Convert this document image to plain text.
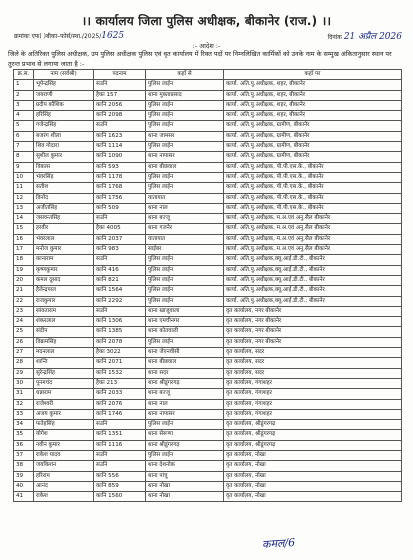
।। कार्यालय जिला पुलिस अधीक्षक, बीकानेर (राज.) ।।
क्रमांकः एफ( )बीका–फोर्स/स्था./2025/1625	दिनांक 21 अप्रैल 2026
:- आदेश :-
जिले के अतिरिक्त पुलिस अधीक्षक, उप पुलिस अधीक्षक पुलिस एवं वृत कार्यालय में रिक्त पदों पर निम्नलिखित कार्मिकों को उनके नाम के सम्मुख अंकितानुसार स्थान पर तुरन्त प्रभाव से लगाया जाता है :-
क्र.स.	नाम (सर्वश्री)	पदनाम	कहाँ से	कहाँ पर
1	भूपेन्द्रसिंह	सउनि	पुलिस लाईन	कार्या. अति.पु.अधीक्षक, शहर, बीकानेर
2	जयराणी	हैका 157	थाना मुक्ताप्रसाद	कार्या. अति.पु.अधीक्षक, शहर, बीकानेर
3	प्रदीप कौशिक	कानि 2056	पुलिस लाईन	कार्या. अति.पु.अधीक्षक, शहर, बीकानेर
4	हरिसिंह	कानि 2098	पुलिस लाईन	कार्या. अति.पु.अधीक्षक, शहर, बीकानेर
5	गजेन्द्रसिंह	सउनि	पुलिस लाईन	कार्या. अति.पु.अधीक्षक, ग्रामीण, बीकानेर
6	बजरंग शीला	कानि 1623	थाना जामसर	कार्या. अति.पु.अधीक्षक, ग्रामीण, बीकानेर
7	शिव गोदारा	कानि 1114	पुलिस लाईन	कार्या. अति.पु.अधीक्षक, ग्रामीण, बीकानेर
8	सुशील कुमार	कानि 1090	थाना नापासर	कार्या. अति.पु.अधीक्षक, ग्रामीण, बीकानेर
9	विकास	कानि 593	थाना बीछवाल	कार्या. अति.पु.अधीक्षक, पी.पी.एस.के., बीकानेर
10	भंवरसिंह	कानि 1178	पुलिस लाईन	कार्या. अति.पु.अधीक्षक, पी.पी.एस.के., बीकानेर
11	सतीश	कानि 1768	पुलिस लाईन	कार्या. अति.पु.अधीक्षक, पी.पी.एस.के., बीकानेर
12	विनोद	कानि 1756	यातायात	कार्या. अति.पु.अधीक्षक, पी.पी.एस.के., बीकानेर
13	अजीतसिंह	कानि 509	थाना नाल	कार्या. अति.पु.अधीक्षक, पी.पी.एस.के., बीकानेर
14	जसवन्तसिंह	सउनि	थाना बज्जू	कार्या. अति.पु.अधीक्षक, म.अ.एवं अनु.सैल बीकानेर
15	हरवीर	हैका 4005	थाना गजनेर	कार्या. अति.पु.अधीक्षक, म.अ.एवं अनु.सैल बीकानेर
16	भंवरलाल	कानि 2037	यातायात	कार्या. अति.पु.अधीक्षक, म.अ.एवं अनु.सैल बीकानेर
17	मनोज कुमार	कानि 983	साईबर	कार्या. अति.पु.अधीक्षक, म.अ.एवं अनु.सैल बीकानेर
18	कानाराम	सउनि	पुलिस लाईन	कार्या. अति.पु.अधीक्षक,क्यू.आई.डी.टी., बीकानेर
19	कृष्णकुमार	कानि 416	पुलिस लाईन	कार्या. अति.पु.अधीक्षक,क्यू.आई.डी.टी., बीकानेर
20	कमल दूसाद	कानि 821	पुलिस लाईन	कार्या. अति.पु.अधीक्षक,क्यू.आई.डी.टी., बीकानेर
21	हैलेन्द्रपाल	कानि 1564	पुलिस लाईन	कार्या. अति.पु.अधीक्षक,क्यू.आई.डी.टी., बीकानेर
22	राजकुमार	कानि 2292	पुलिस लाईन	कार्या. अति.पु.अधीक्षक,क्यू.आई.डी.टी., बीकानेर
23	सांवताराम	सउनि	थाना खाजूवाला	वृत कार्यालय, नगर बीकानेर
24	शंकरलाल	कानि 1306	थाना एमचीनगर	वृत कार्यालय, नगर बीकानेर
25	संदीप	कानि 1385	थाना कोतवाली	वृत कार्यालय, नगर बीकानेर
26	विक्रमसिंह	कानि 2078	पुलिस लाईन	वृत कार्यालय, नगर बीकानेर
27	मदनलाल	हैका 3022	थाना जेएनवीसी	वृत कार्यालय, सदर
28	शान्ति	कानि 2071	थाना बीछवाल	वृत कार्यालय, सदर
29	सुरेन्द्रसिंह	कानि 1532	थाना सदर	वृत कार्यालय, सदर
30	पूनमचंद	हैका 213	थाना श्रीडूंगरगढ़	वृत कार्यालय, गंगाशहर
31	धन्नाराम	कानि 2033	थाना बज्जू	वृत कार्यालय, गंगाशहर
32	राजेश्वरी	कानि 2076	थाना नाल	वृत कार्यालय, गंगाशहर
33	अजय कुमार	कानि 1746	थाना नापासर	वृत कार्यालय, गंगाशहर
34	फतेहसिंह	सउनि	पुलिस लाईन	वृत कार्यालय, श्रीडूंगरगढ़
35	योगेश	कानि 1351	थाना सेरूणा	वृत कार्यालय, श्रीडूंगरगढ़
36	नवीन कुमार	कानि 1116	थाना श्रीडूंगरगढ़	वृत कार्यालय, श्रीडूंगरगढ़
37	राकेश यादव	सउनि	पुलिस लाईन	वृत कार्यालय, नोखा
38	जयकिशन	सउनि	थाना देशनोक	वृत कार्यालय, नोखा
39	हरिराम	कानि 556	थाना पांचू	वृत कार्यालय, नोखा
40	आनंद	कानि 859	थाना नोखा	वृत कार्यालय, नोखा
41	राकेश	कानि 1560	थाना नोखा	वृत कार्यालय, नोखा
कमल/6
